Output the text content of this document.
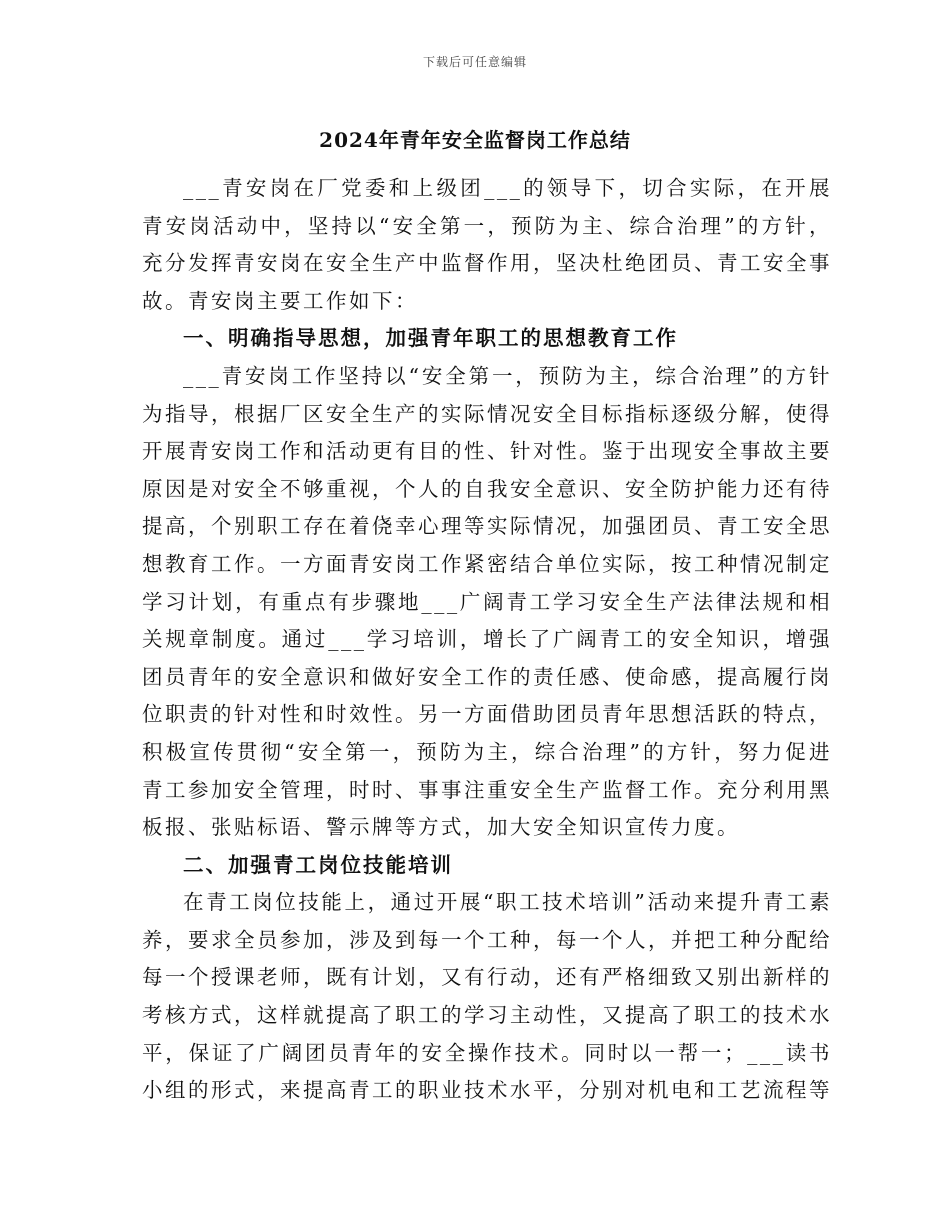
下载后可任意编辑
2024年青年安全监督岗工作总结

___青安岗在厂党委和上级团___的领导下，切合实际，在开展青安岗活动中，坚持以“安全第一，预防为主、综合治理”的方针，充分发挥青安岗在安全生产中监督作用，坚决杜绝团员、青工安全事故。青安岗主要工作如下：

一、明确指导思想，加强青年职工的思想教育工作

___青安岗工作坚持以“安全第一，预防为主，综合治理”的方针为指导，根据厂区安全生产的实际情况安全目标指标逐级分解，使得开展青安岗工作和活动更有目的性、针对性。鉴于出现安全事故主要原因是对安全不够重视，个人的自我安全意识、安全防护能力还有待提高，个别职工存在着侥幸心理等实际情况，加强团员、青工安全思想教育工作。一方面青安岗工作紧密结合单位实际，按工种情况制定学习计划，有重点有步骤地___广阔青工学习安全生产法律法规和相关规章制度。通过___学习培训，增长了广阔青工的安全知识，增强团员青年的安全意识和做好安全工作的责任感、使命感，提高履行岗位职责的针对性和时效性。另一方面借助团员青年思想活跃的特点，积极宣传贯彻“安全第一，预防为主，综合治理”的方针，努力促进青工参加安全管理，时时、事事注重安全生产监督工作。充分利用黑板报、张贴标语、警示牌等方式，加大安全知识宣传力度。

二、加强青工岗位技能培训

在青工岗位技能上，通过开展“职工技术培训”活动来提升青工素养，要求全员参加，涉及到每一个工种，每一个人，并把工种分配给每一个授课老师，既有计划，又有行动，还有严格细致又别出新样的考核方式，这样就提高了职工的学习主动性，又提高了职工的技术水平，保证了广阔团员青年的安全操作技术。同时以一帮一；___读书小组的形式，来提高青工的职业技术水平，分别对机电和工艺流程等
